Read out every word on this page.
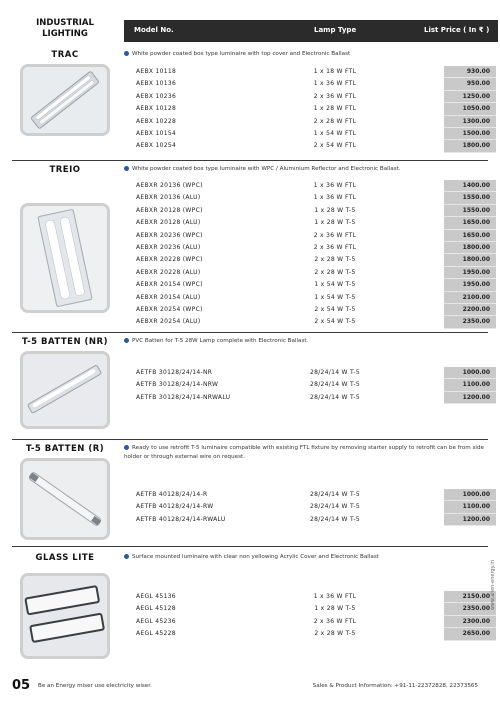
INDUSTRIAL LIGHTING	Model No.	Lamp Type	List Price ( In ₹ )
TRAC	White powder coated box type luminaire with top cover and Electronic Ballast
AEBX 10118	1 x 18 W FTL	930.00
AEBX 10136	1 x 36 W FTL	950.00
AEBX 10236	2 x 36 W FTL	1250.00
AEBX 10128	1 x 28 W FTL	1050.00
AEBX 10228	2 x 28 W FTL	1300.00
AEBX 10154	1 x 54 W FTL	1500.00
AEBX 10254	2 x 54 W FTL	1800.00
TREIO	White powder coated box type luminaire with WPC / Aluminium Reflector and Electronic Ballast.
AEBXR 20136 (WPC)	1 x 36 W FTL	1400.00
AEBXR 20136 (ALU)	1 x 36 W FTL	1550.00
AEBXR 20128 (WPC)	1 x 28 W T-5	1550.00
AEBXR 20128 (ALU)	1 x 28 W T-5	1650.00
AEBXR 20236 (WPC)	2 x 36 W FTL	1650.00
AEBXR 20236 (ALU)	2 x 36 W FTL	1800.00
AEBXR 20228 (WPC)	2 x 28 W T-5	1800.00
AEBXR 20228 (ALU)	2 x 28 W T-5	1950.00
AEBXR 20154 (WPC)	1 x 54 W T-5	1950.00
AEBXR 20154 (ALU)	1 x 54 W T-5	2100.00
AEBXR 20254 (WPC)	2 x 54 W T-5	2200.00
AEBXR 20254 (ALU)	2 x 54 W T-5	2350.00
T-5 BATTEN (NR)	PVC Batten for T-5 28W Lamp complete with Electronic Ballast.
AETFB 30128/24/14-NR	28/24/14 W T-5	1000.00
AETFB 30128/24/14-NRW	28/24/14 W T-5	1100.00
AETFB 30128/24/14-NRWALU	28/24/14 W T-5	1200.00
T-5 BATTEN (R)	Ready to use retrofit T-5 luminaire compatible with existing FTL fixture by removing starter supply to retrofit can be from side holder or through external wire on request.
AETFB 40128/24/14-R	28/24/14 W T-5	1000.00
AETFB 40128/24/14-RW	28/24/14 W T-5	1100.00
AETFB 40128/24/14-RWALU	28/24/14 W T-5	1200.00
GLASS LITE	Surface mounted luminaire with clear non yellowing Acrylic Cover and Electronic Ballast
AEGL 45136	1 x 36 W FTL	2150.00
AEGL 45128	1 x 28 W T-5	2350.00
AEGL 45236	2 x 36 W FTL	2300.00
AEGL 45228	2 x 28 W T-5	2650.00
www.alien-energy.in
05 Be an Energy miser use electricity wiser.	Sales & Product Information: +91-11-22372828, 22373565
